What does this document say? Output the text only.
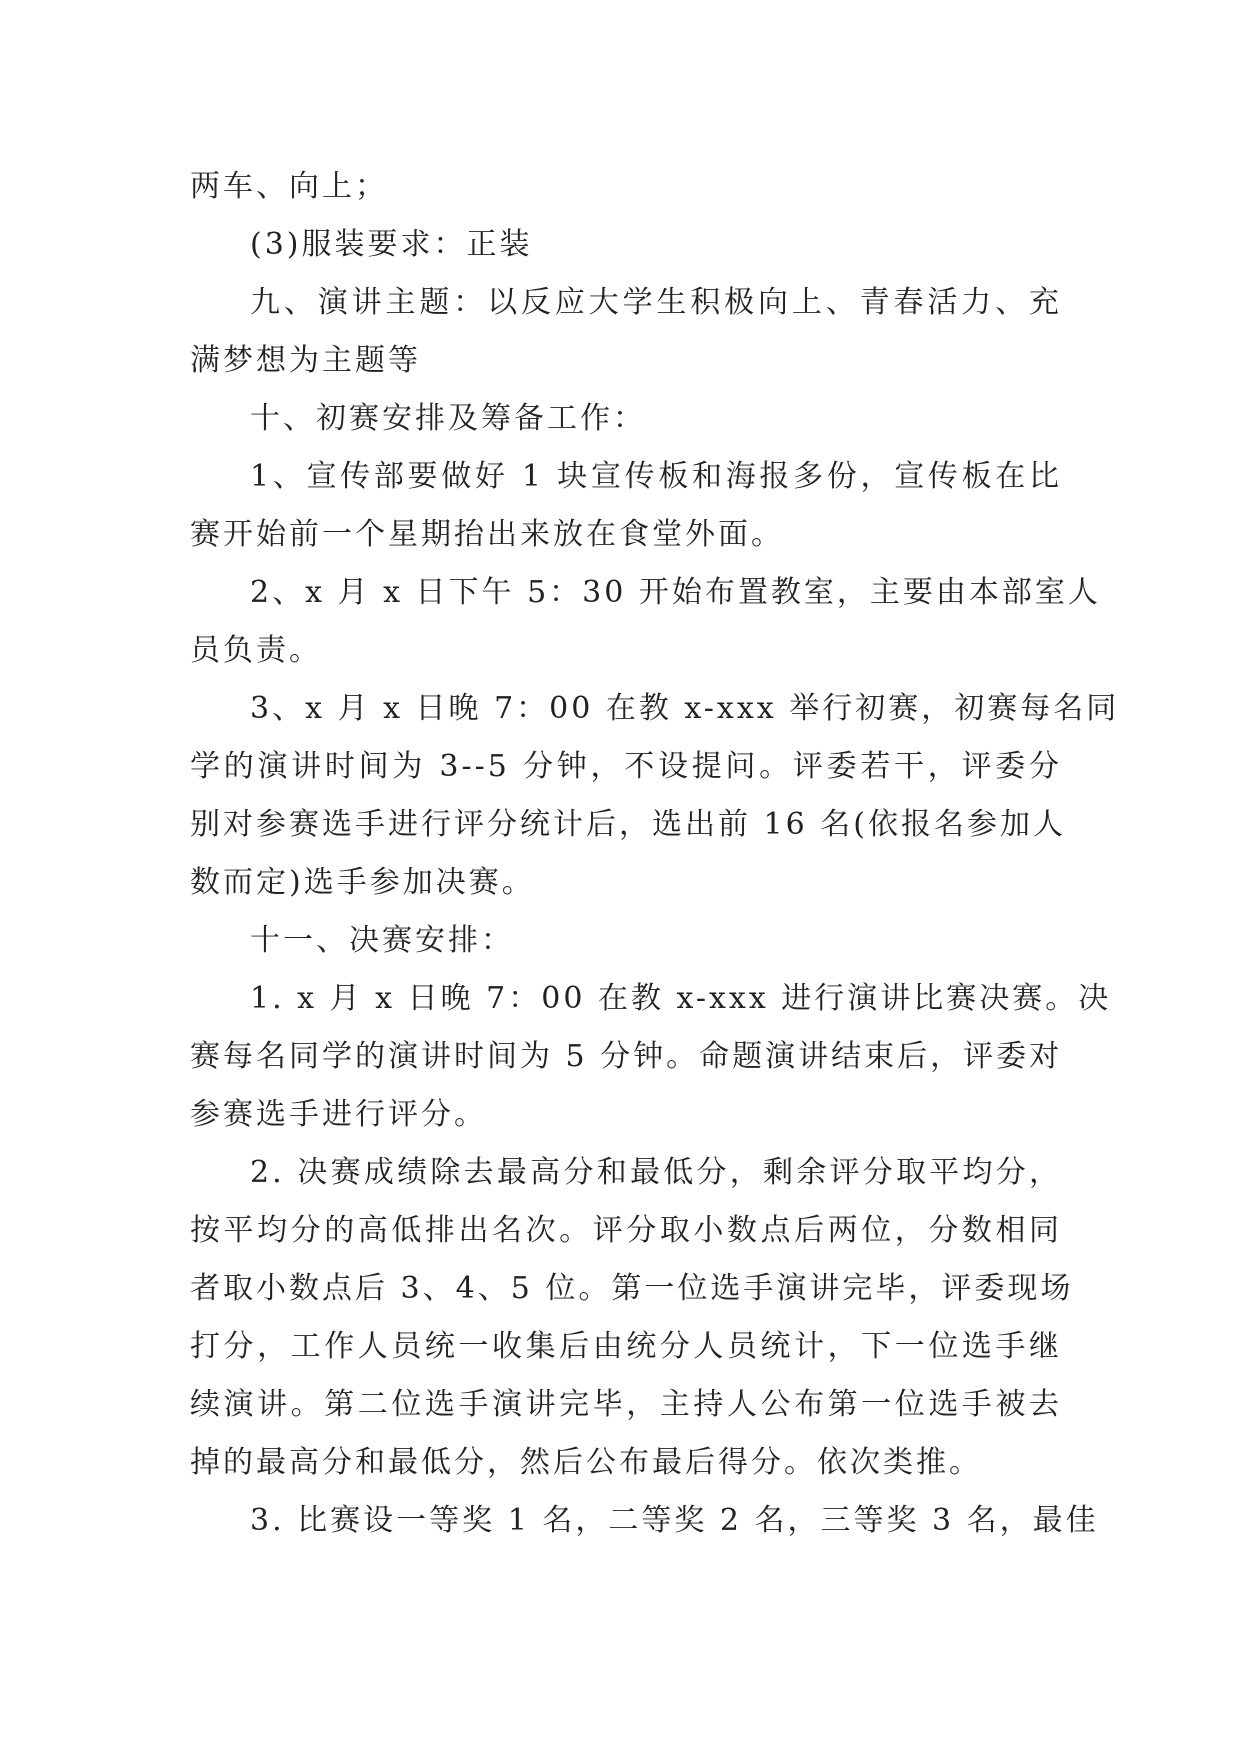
两车、向上；
(3)服装要求：正装
九、演讲主题：以反应大学生积极向上、青春活力、充
满梦想为主题等
十、初赛安排及筹备工作：
1、宣传部要做好 1 块宣传板和海报多份，宣传板在比
赛开始前一个星期抬出来放在食堂外面。
2、x 月 x 日下午 5：30 开始布置教室，主要由本部室人
员负责。
3、x 月 x 日晚 7：00 在教 x-xxx 举行初赛，初赛每名同
学的演讲时间为 3--5 分钟，不设提问。评委若干，评委分
别对参赛选手进行评分统计后，选出前 16 名(依报名参加人
数而定)选手参加决赛。
十一、决赛安排：
1. x 月 x 日晚 7：00 在教 x-xxx 进行演讲比赛决赛。决
赛每名同学的演讲时间为 5 分钟。命题演讲结束后，评委对
参赛选手进行评分。
2. 决赛成绩除去最高分和最低分，剩余评分取平均分，
按平均分的高低排出名次。评分取小数点后两位，分数相同
者取小数点后 3、4、5 位。第一位选手演讲完毕，评委现场
打分，工作人员统一收集后由统分人员统计，下一位选手继
续演讲。第二位选手演讲完毕，主持人公布第一位选手被去
掉的最高分和最低分，然后公布最后得分。依次类推。
3. 比赛设一等奖 1 名，二等奖 2 名，三等奖 3 名，最佳
